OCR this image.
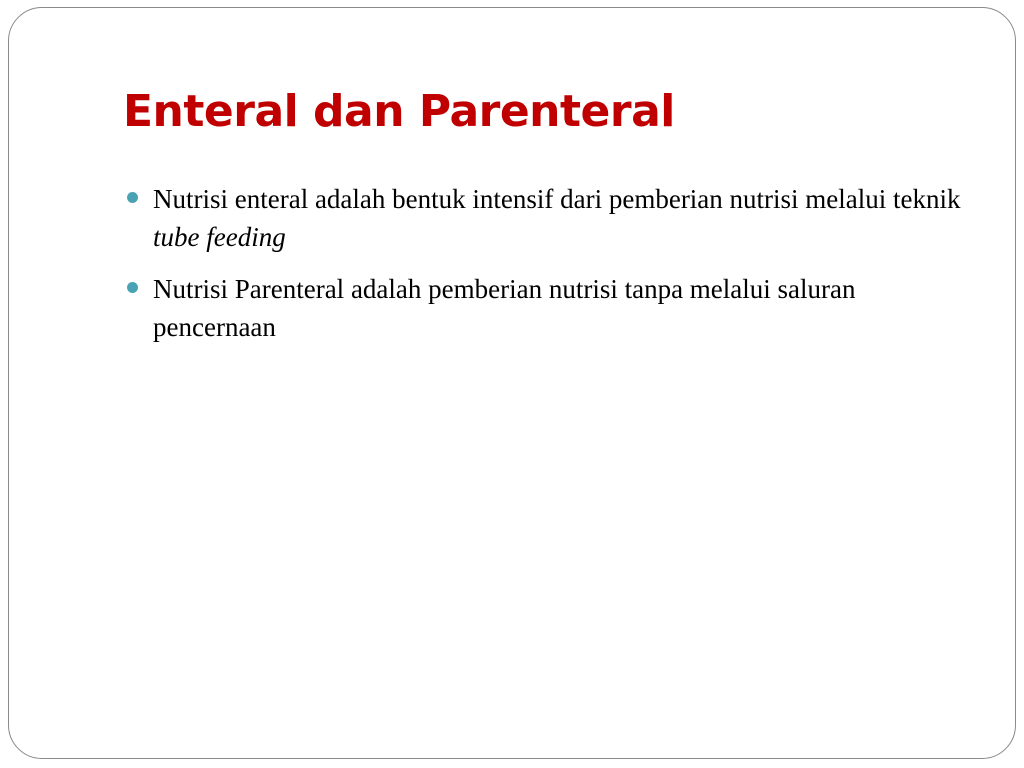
Enteral dan Parenteral
Nutrisi enteral adalah bentuk intensif dari pemberian nutrisi melalui teknik tube feeding
Nutrisi Parenteral adalah pemberian nutrisi tanpa melalui saluran pencernaan
